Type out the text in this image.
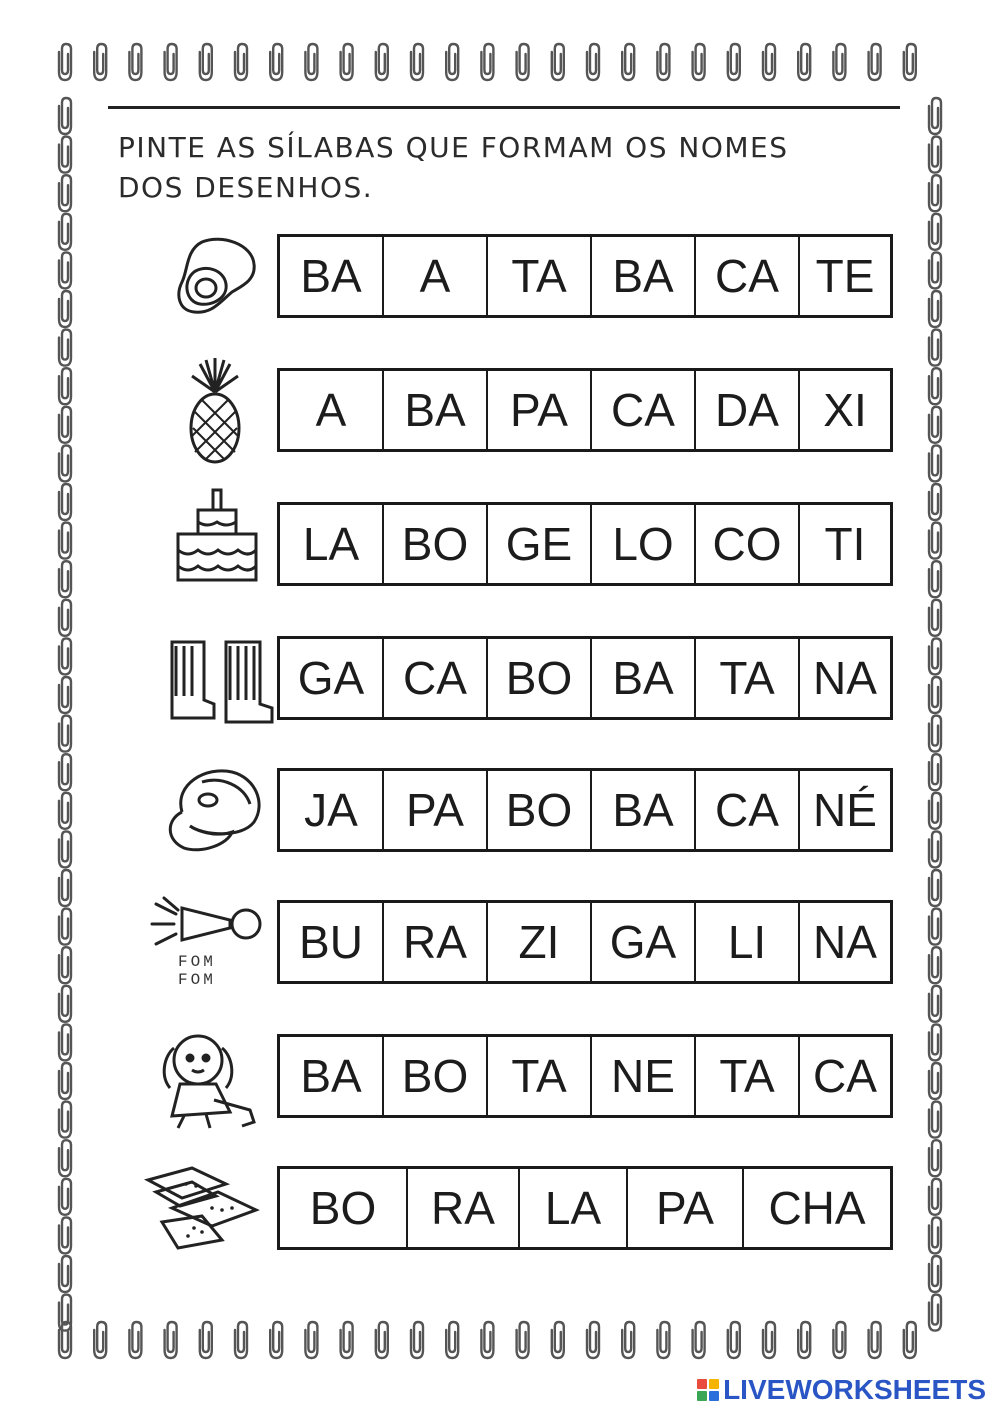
PINTE AS SÍLABAS QUE FORMAM OS NOMES
DOS DESENHOS.
FOM
FOM
BA	A	TA BA CA TE
A	BA PA CA DA XI
LA BO GE LO CO TI
GA CA BO BA TA NA
JA	PA BO BA CA NÉ
BU RA	ZI	GA	LI	NA
BA BO TA NE TA CA
BO	RA	LA	PA	CHA
LIVEWORKSHEETS
